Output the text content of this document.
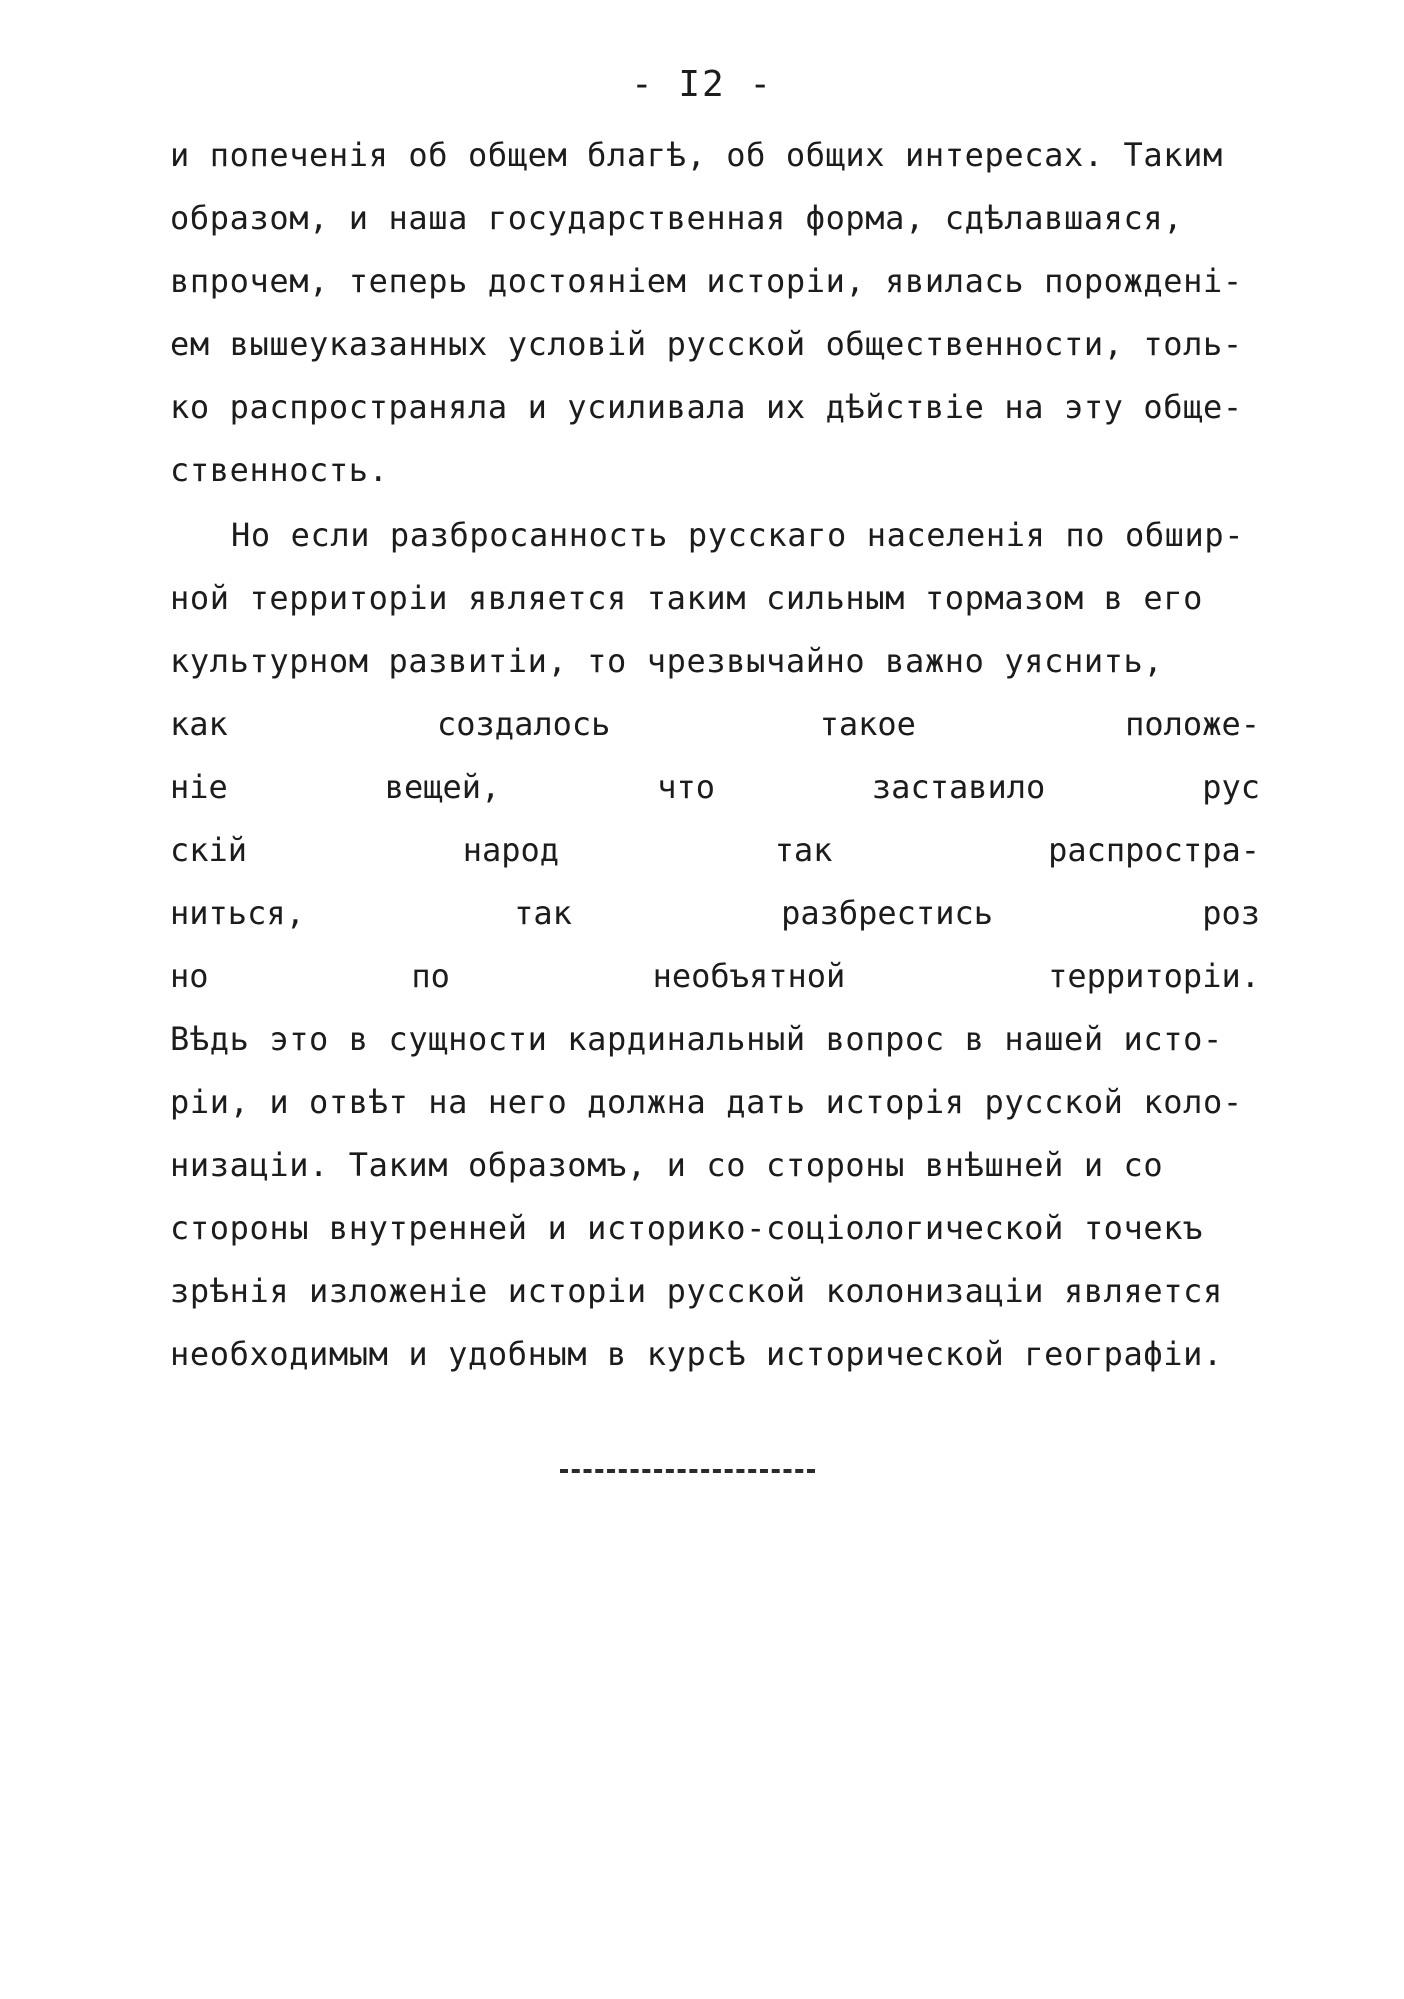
- I2 -
и попеченія об общем благѣ, об общих интересах. Таким
образом, и наша государственная форма, сдѣлавшаяся,
впрочем, теперь достояніем исторіи, явилась порождені-
ем вышеуказанных условій русской общественности, толь-
ко распространяла и усиливала их дѣйствіе на эту обще-
ственность.
Но если разбросанность русскаго населенія по обшир-
ной территоріи является таким сильным тормазом в его
культурном развитіи, то чрезвычайно важно уяснить,
как	создалось	такое	положе-
ніе	вещей,	что	заставило	рус
скій	народ	так	распростра-
ниться,	так	разбрестись	роз
но	по	необъятной	территоріи.
Вѣдь это в сущности кардинальный вопрос в нашей исто-
ріи, и отвѣт на него должна дать исторія русской коло-
низаціи. Таким образомъ, и со стороны внѣшней и со
стороны внутренней и историко-соціологической точекъ
зрѣнія изложеніе исторіи русской колонизаціи является
необходимым и удобным в курсѣ исторической географіи.
